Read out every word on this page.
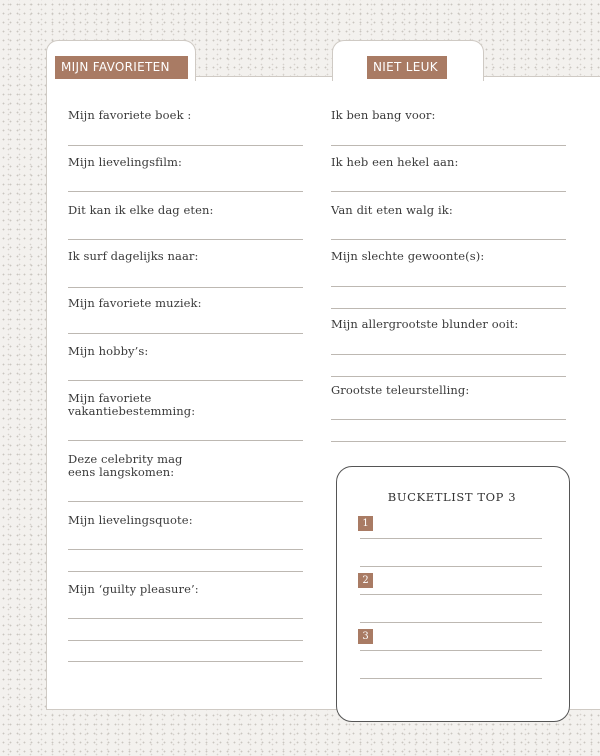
MIJN FAVORIETEN	NIET LEUK
Mijn favoriete boek :
Mijn lievelingsfilm:
Dit kan ik elke dag eten:
Ik surf dagelijks naar:
Mijn favoriete muziek:
Mijn hobby’s:
Mijn favoriete
vakantiebestemming:
Deze celebrity mag
eens langskomen:
Mijn lievelingsquote:
Mijn ‘guilty pleasure’:
Ik ben bang voor:
Ik heb een hekel aan:
Van dit eten walg ik:
Mijn slechte gewoonte(s):
Mijn allergrootste blunder ooit:
Grootste teleurstelling:
BUCKETLIST TOP 3
1
2
3
